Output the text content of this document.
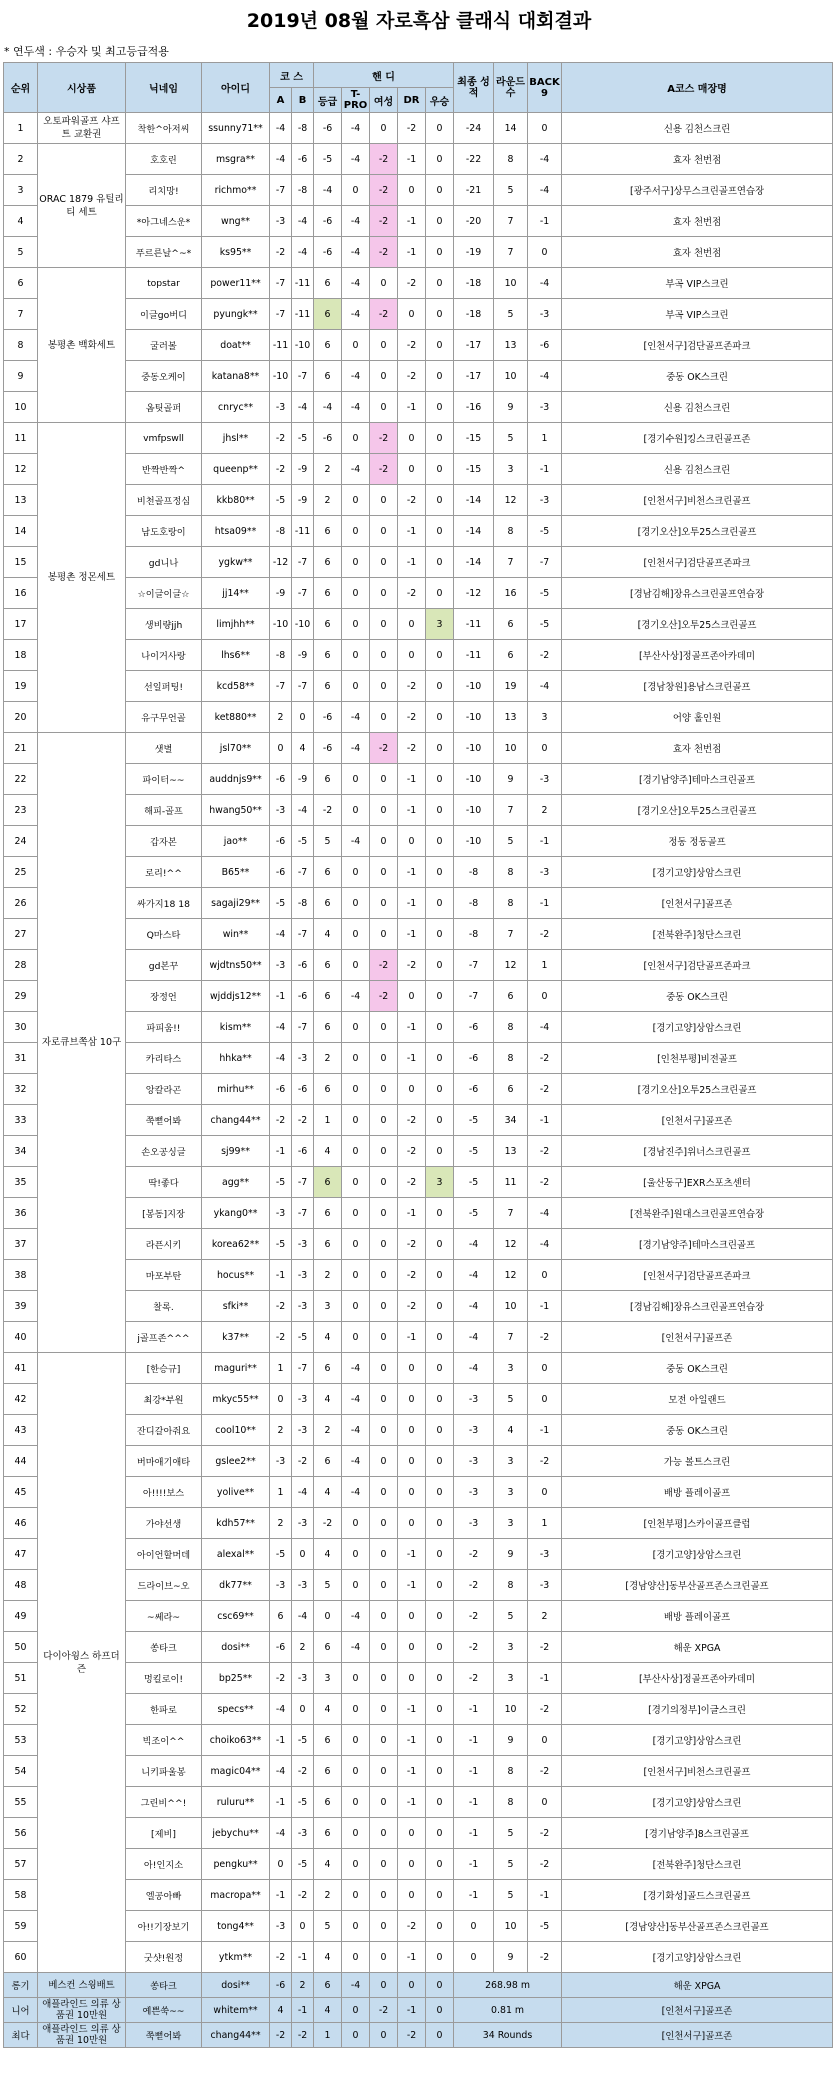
2019년 08월 자로흑삼 클래식 대회결과
* 연두색 : 우승자 및 최고등급적용
순위	시상품	닉네임	아이디	코 스		핸 디					최종 성적	라운드 수	BACK 9	A코스 매장명
				A	B	등급	T-PRO	여성	DR	우승				
1	오토파워골프 샤프트 교환권	착한^아저씨	ssunny71**	-4	-8	-6	-4	0	-2	0	-24	14	0	신용 김천스크린
2	ORAC 1879 유틸리티 세트	호호린	msgra**	-4	-6	-5	-4	-2	-1	0	-22	8	-4	효자 천번점
3		리치망!	richmo**	-7	-8	-4	0	-2	0	0	-21	5	-4	[광주서구]상무스크린골프연습장
4		*아그네스운*	wng**	-3	-4	-6	-4	-2	-1	0	-20	7	-1	효자 천번점
5		푸르른날^~*	ks95**	-2	-4	-6	-4	-2	-1	0	-19	7	0	효자 천번점
6	봉평촌 백화세트	topstar	power11**	-7	-11	6	-4	0	-2	0	-18	10	-4	부곡 VIP스크린
7		이글go버디	pyungk**	-7	-11	6	-4	-2	0	0	-18	5	-3	부곡 VIP스크린
8		굴러볼	doat**	-11	-10	6	0	0	-2	0	-17	13	-6	[인천서구]검단골프존파크
9		중동오케이	katana8**	-10	-7	6	-4	0	-2	0	-17	10	-4	중동 OK스크린
10		옴팃골퍼	cnryc**	-3	-4	-4	-4	0	-1	0	-16	9	-3	신용 김천스크린
11	봉평촌 정몬세트	vmfpswll	jhsl**	-2	-5	-6	0	-2	0	0	-15	5	1	[경기수원]킹스크린골프존
12		반짝반짝^	queenp**	-2	-9	2	-4	-2	0	0	-15	3	-1	신용 김천스크린
13		비천골프정심	kkb80**	-5	-9	2	0	0	-2	0	-14	12	-3	[인천서구]비천스크린골프
14		남도호랑이	htsa09**	-8	-11	6	0	0	-1	0	-14	8	-5	[경기오산]오투25스크린골프
15		gd니나	ygkw**	-12	-7	6	0	0	-1	0	-14	7	-7	[인천서구]검단골프존파크
16		☆이글이글☆	jj14**	-9	-7	6	0	0	-2	0	-12	16	-5	[경남김해]장유스크린골프연습장
17		생비량jjh	limjhh**	-10	-10	6	0	0	0	3	-11	6	-5	[경기오산]오투25스크린골프
18		나이거사랑	lhs6**	-8	-9	6	0	0	0	0	-11	6	-2	[부산사상]정골프존아카데미
19		선일퍼팅!	kcd58**	-7	-7	6	0	0	-2	0	-10	19	-4	[경남창원]용남스크린골프
20		유구무언골	ket880**	2	0	-6	-4	0	-2	0	-10	13	3	어양 홀인원
21	자로큐브쪽삼 10구	샛별	jsl70**	0	4	-6	-4	-2	-2	0	-10	10	0	효자 천번점
22		파이터~~	auddnjs9**	-6	-9	6	0	0	-1	0	-10	9	-3	[경기남양주]테마스크린골프
23		해피-골프	hwang50**	-3	-4	-2	0	0	-1	0	-10	7	2	[경기오산]오투25스크린골프
24		갑자본	jao**	-6	-5	5	-4	0	0	0	-10	5	-1	정동 정동골프
25		로리!^^	B65**	-6	-7	6	0	0	-1	0	-8	8	-3	[경기고양]상암스크린
26		싸가지18 18	sagaji29**	-5	-8	6	0	0	-1	0	-8	8	-1	[인천서구]골프존
27		Q마스타	win**	-4	-7	4	0	0	-1	0	-8	7	-2	[전북완주]청단스크린
28		gd본꾸	wjdtns50**	-3	-6	6	0	-2	-2	0	-7	12	1	[인천서구]검단골프존파크
29		장정언	wjddjs12**	-1	-6	6	-4	-2	0	0	-7	6	0	중동 OK스크린
30		파피움!!	kism**	-4	-7	6	0	0	-1	0	-6	8	-4	[경기고양]상암스크린
31		카리타스	hhka**	-4	-3	2	0	0	-1	0	-6	8	-2	[인천부평]비전골프
32		앙칼라곤	mirhu**	-6	-6	6	0	0	0	0	-6	6	-2	[경기오산]오투25스크린골프
33		쭉뻗어봐	chang44**	-2	-2	1	0	0	-2	0	-5	34	-1	[인천서구]골프존
34		손오공싱글	sj99**	-1	-6	4	0	0	-2	0	-5	13	-2	[경남진주]위너스크린골프
35		딱!좋다	agg**	-5	-7	6	0	0	-2	3	-5	11	-2	[울산동구]EXR스포츠센터
36		[봉동]지장	ykang0**	-3	-7	6	0	0	-1	0	-5	7	-4	[전북완주]원대스크린골프연습장
37		라픈시키	korea62**	-5	-3	6	0	0	-2	0	-4	12	-4	[경기남양주]테마스크린골프
38		마포부탄	hocus**	-1	-3	2	0	0	-2	0	-4	12	0	[인천서구]검단골프존파크
39		찰록.	sfki**	-2	-3	3	0	0	-2	0	-4	10	-1	[경남김해]장유스크린골프연습장
40		j골프존^^^	k37**	-2	-5	4	0	0	-1	0	-4	7	-2	[인천서구]골프존
41	다이아윙스 하프더즌	[한승규]	maguri**	1	-7	6	-4	0	0	0	-4	3	0	중동 OK스크린
42		최강*부원	mkyc55**	0	-3	4	-4	0	0	0	-3	5	0	모전 아일랜드
43		잔디갈아줘요	cool10**	2	-3	2	-4	0	0	0	-3	4	-1	중동 OK스크린
44		버마애기애타	gslee2**	-3	-2	6	-4	0	0	0	-3	3	-2	가능 볼트스크린
45		아!!!!보스	yolive**	1	-4	4	-4	0	0	0	-3	3	0	배방 플레이골프
46		가야선생	kdh57**	2	-3	-2	0	0	0	0	-3	3	1	[인천부평]스카이골프클럽
47		아이언할머데	alexal**	-5	0	4	0	0	-1	0	-2	9	-3	[경기고양]상암스크린
48		드라이브~오	dk77**	-3	-3	5	0	0	-1	0	-2	8	-3	[경남양산]동부산골프존스크린골프
49		~쎄라~	csc69**	6	-4	0	-4	0	0	0	-2	5	2	배방 플레이골프
50		쏭타크	dosi**	-6	2	6	-4	0	0	0	-2	3	-2	해운 XPGA
51		멍킬로이!	bp25**	-2	-3	3	0	0	0	0	-2	3	-1	[부산사상]정골프존아카데미
52		한파로	specs**	-4	0	4	0	0	-1	0	-1	10	-2	[경기의정부]이글스크린
53		빅조이^^	choiko63**	-1	-5	6	0	0	-1	0	-1	9	0	[경기고양]상암스크린
54		니키파울봉	magic04**	-4	-2	6	0	0	-1	0	-1	8	-2	[인천서구]비천스크린골프
55		그린비^^!	ruluru**	-1	-5	6	0	0	-1	0	-1	8	0	[경기고양]상암스크린
56		[제비]	jebychu**	-4	-3	6	0	0	0	0	-1	5	-2	[경기남양주]8스크린골프
57		아!인지소	pengku**	0	-5	4	0	0	0	0	-1	5	-2	[전북완주]청단스크린
58		엘공아빠	macropa**	-1	-2	2	0	0	0	0	-1	5	-1	[경기화성]골드스크린골프
59		아!!기장보기	tong4**	-3	0	5	0	0	-2	0	0	10	-5	[경남양산]동부산골프존스크린골프
60		굿샷!원정	ytkm**	-2	-1	4	0	0	-1	0	0	9	-2	[경기고양]상암스크린
롱기	베스컨 스윙배트	쏭타크	dosi**	-6	2	6	-4	0	0	0	268.98 m			해운 XPGA
니어	애플라인드 의류 상품권 10만원	예쁜쑥~~	whitem**	4	-1	4	0	-2	-1	0	0.81 m			[인천서구]골프존
최다	애플라인드 의류 상품권 10만원	쭉뻗어봐	chang44**	-2	-2	1	0	0	-2	0	34 Rounds			[인천서구]골프존
